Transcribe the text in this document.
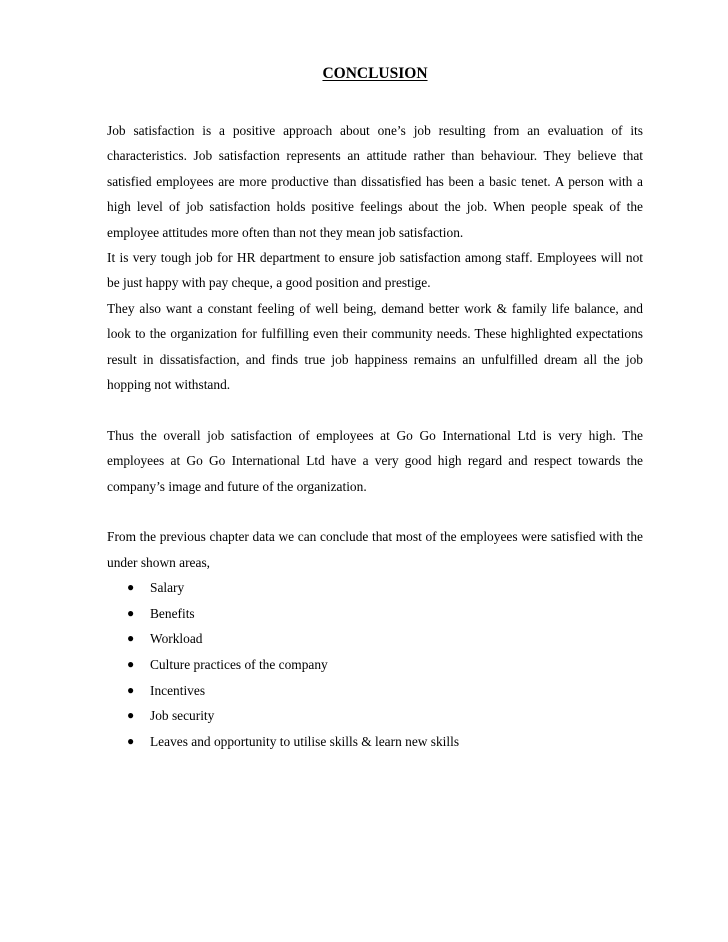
CONCLUSION

Job satisfaction is a positive approach about one’s job resulting from an evaluation of its characteristics. Job satisfaction represents an attitude rather than behaviour. They believe that satisfied employees are more productive than dissatisfied has been a basic tenet. A person with a high level of job satisfaction holds positive feelings about the job. When people speak of the employee attitudes more often than not they mean job satisfaction.

It is very tough job for HR department to ensure job satisfaction among staff. Employees will not be just happy with pay cheque, a good position and prestige.

They also want a constant feeling of well being, demand better work & family life balance, and look to the organization for fulfilling even their community needs. These highlighted expectations result in dissatisfaction, and finds true job happiness remains an unfulfilled dream all the job hopping not withstand.

Thus the overall job satisfaction of employees at Go Go International Ltd is very high. The employees at Go Go International Ltd have a very good high regard and respect towards the company’s image and future of the organization.

From the previous chapter data we can conclude that most of the employees were satisfied with the under shown areas,

● Salary
● Benefits
● Workload
● Culture practices of the company
● Incentives
● Job security
● Leaves and opportunity to utilise skills & learn new skills
